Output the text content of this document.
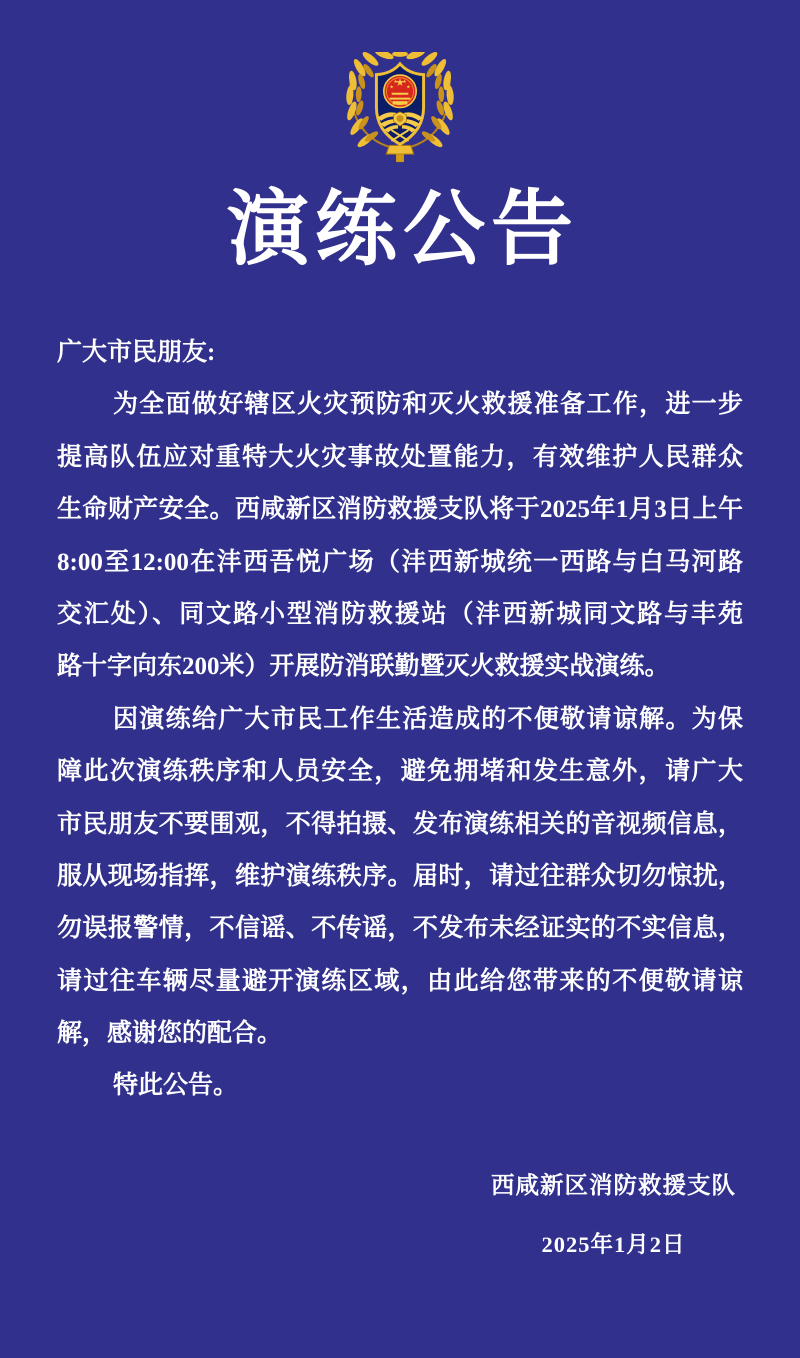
演练公告
广大市民朋友:
为全面做好辖区火灾预防和灭火救援准备工作，进一步
提高队伍应对重特大火灾事故处置能力，有效维护人民群众
生命财产安全。西咸新区消防救援支队将于2025年1月3日上午
8:00至12:00在沣西吾悦广场（沣西新城统一西路与白马河路
交汇处）、同文路小型消防救援站（沣西新城同文路与丰苑
路十字向东200米）开展防消联勤暨灭火救援实战演练。
因演练给广大市民工作生活造成的不便敬请谅解。为保
障此次演练秩序和人员安全，避免拥堵和发生意外，请广大
市民朋友不要围观，不得拍摄、发布演练相关的音视频信息，
服从现场指挥，维护演练秩序。届时，请过往群众切勿惊扰，
勿误报警情，不信谣、不传谣，不发布未经证实的不实信息，
请过往车辆尽量避开演练区域，由此给您带来的不便敬请谅
解，感谢您的配合。
特此公告。
西咸新区消防救援支队
2025年1月2日
